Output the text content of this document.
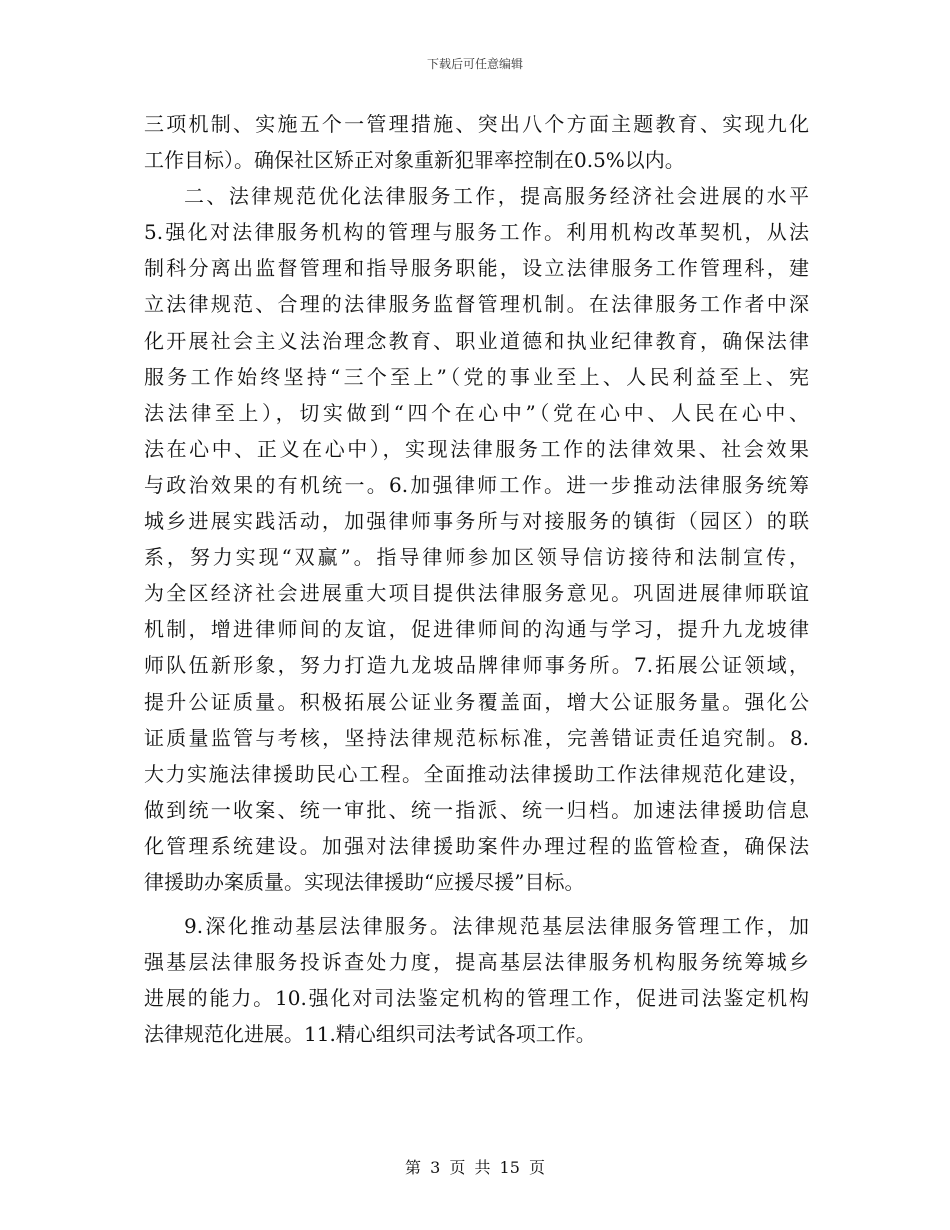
下载后可任意编辑
三项机制、实施五个一管理措施、突出八个方面主题教育、实现九化
工作目标）。确保社区矫正对象重新犯罪率控制在0.5%以内。
二、法律规范优化法律服务工作，提高服务经济社会进展的水平
5.强化对法律服务机构的管理与服务工作。利用机构改革契机，从法
制科分离出监督管理和指导服务职能，设立法律服务工作管理科，建
立法律规范、合理的法律服务监督管理机制。在法律服务工作者中深
化开展社会主义法治理念教育、职业道德和执业纪律教育，确保法律
服务工作始终坚持“三个至上”（党的事业至上、人民利益至上、宪
法法律至上），切实做到“四个在心中”（党在心中、人民在心中、
法在心中、正义在心中），实现法律服务工作的法律效果、社会效果
与政治效果的有机统一。6.加强律师工作。进一步推动法律服务统筹
城乡进展实践活动，加强律师事务所与对接服务的镇街（园区）的联
系，努力实现“双赢”。指导律师参加区领导信访接待和法制宣传，
为全区经济社会进展重大项目提供法律服务意见。巩固进展律师联谊
机制，增进律师间的友谊，促进律师间的沟通与学习，提升九龙坡律
师队伍新形象，努力打造九龙坡品牌律师事务所。7.拓展公证领域，
提升公证质量。积极拓展公证业务覆盖面，增大公证服务量。强化公
证质量监管与考核，坚持法律规范标标准，完善错证责任追究制。8.
大力实施法律援助民心工程。全面推动法律援助工作法律规范化建设，
做到统一收案、统一审批、统一指派、统一归档。加速法律援助信息
化管理系统建设。加强对法律援助案件办理过程的监管检查，确保法
律援助办案质量。实现法律援助“应援尽援”目标。
9.深化推动基层法律服务。法律规范基层法律服务管理工作，加
强基层法律服务投诉查处力度，提高基层法律服务机构服务统筹城乡
进展的能力。10.强化对司法鉴定机构的管理工作，促进司法鉴定机构
法律规范化进展。11.精心组织司法考试各项工作。
第 3 页 共 15 页
